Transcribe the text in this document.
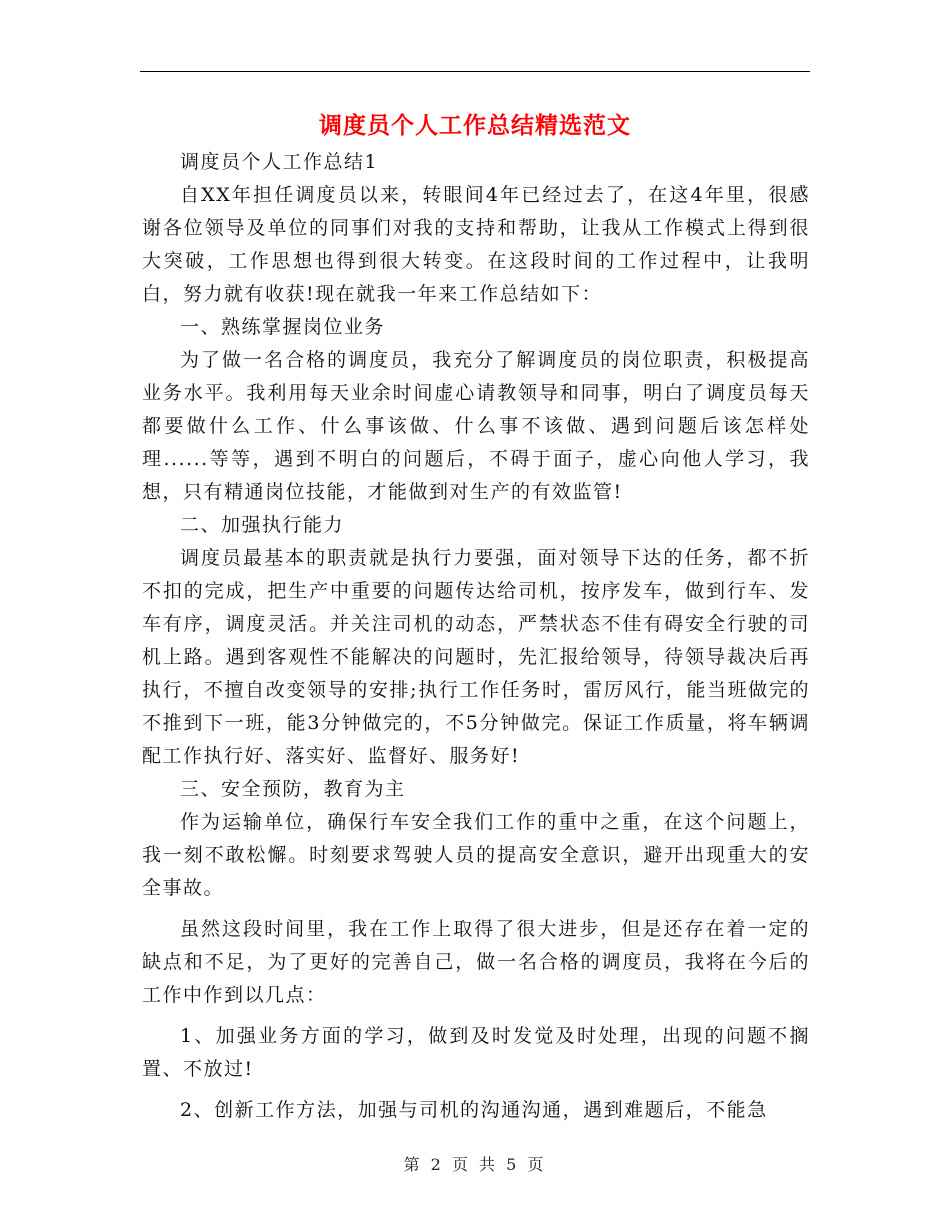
调度员个人工作总结精选范文

调度员个人工作总结1

自XX年担任调度员以来，转眼间4年已经过去了，在这4年里，很感谢各位领导及单位的同事们对我的支持和帮助，让我从工作模式上得到很大突破，工作思想也得到很大转变。在这段时间的工作过程中，让我明白，努力就有收获!现在就我一年来工作总结如下：

一、熟练掌握岗位业务

为了做一名合格的调度员，我充分了解调度员的岗位职责，积极提高业务水平。我利用每天业余时间虚心请教领导和同事，明白了调度员每天都要做什么工作、什么事该做、什么事不该做、遇到问题后该怎样处理......等等，遇到不明白的问题后，不碍于面子，虚心向他人学习，我想，只有精通岗位技能，才能做到对生产的有效监管!

二、加强执行能力

调度员最基本的职责就是执行力要强，面对领导下达的任务，都不折不扣的完成，把生产中重要的问题传达给司机，按序发车，做到行车、发车有序，调度灵活。并关注司机的动态，严禁状态不佳有碍安全行驶的司机上路。遇到客观性不能解决的问题时，先汇报给领导，待领导裁决后再执行，不擅自改变领导的安排;执行工作任务时，雷厉风行，能当班做完的不推到下一班，能3分钟做完的，不5分钟做完。保证工作质量，将车辆调配工作执行好、落实好、监督好、服务好!

三、安全预防，教育为主

作为运输单位，确保行车安全我们工作的重中之重，在这个问题上，我一刻不敢松懈。时刻要求驾驶人员的提高安全意识，避开出现重大的安全事故。

虽然这段时间里，我在工作上取得了很大进步，但是还存在着一定的缺点和不足，为了更好的完善自己，做一名合格的调度员，我将在今后的工作中作到以几点：

1、加强业务方面的学习，做到及时发觉及时处理，出现的问题不搁置、不放过!

2、创新工作方法，加强与司机的沟通沟通，遇到难题后，不能急

第 2 页 共 5 页
